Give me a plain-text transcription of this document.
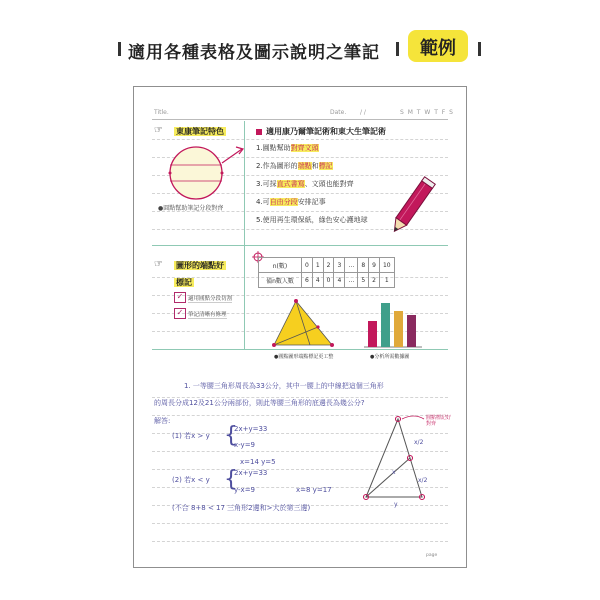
適用各種表格及圖示說明之筆記	範例
Title.	Date. / /	S M T W T F S
☞ 東康筆記特色
●圓點幫助筆記分段對齊
適用康乃爾筆記術和東大生筆記術
1.圓點幫助對齊文頭
2.作為圖形的端點和標記
3.可採直式書寫、文頭也能對齊
4.可自由分段安排記事
5.使用再生環保紙，綠色安心護地球
☞ 圖形的端點好
標記
✓ 適用圓點分段切割
✓ 筆記清晰有條理
n(數)	0	1	2	3	…	8	9	10
備n數人數	6	4	0	4	…	5	2	1
●圓點圖形端點標記更工整	●分析所需數據圖
1. 一等腰三角形周長為33公分，其中一腰上的中線把這個三角形
的周長分成12及21公分兩部份，則此等腰三角形的底邊長為幾公分?
解答:
(1) 若x > y {
2x+y=33
x-y=9
x=14 y=5
(2) 若x < y {
2x+y=33
y-x=9	x=8 y=17
(不合 8+8 < 17 三角形2邊和>大於第三邊)
x
x/2
x/2
y
圓點標記好對齊
page
